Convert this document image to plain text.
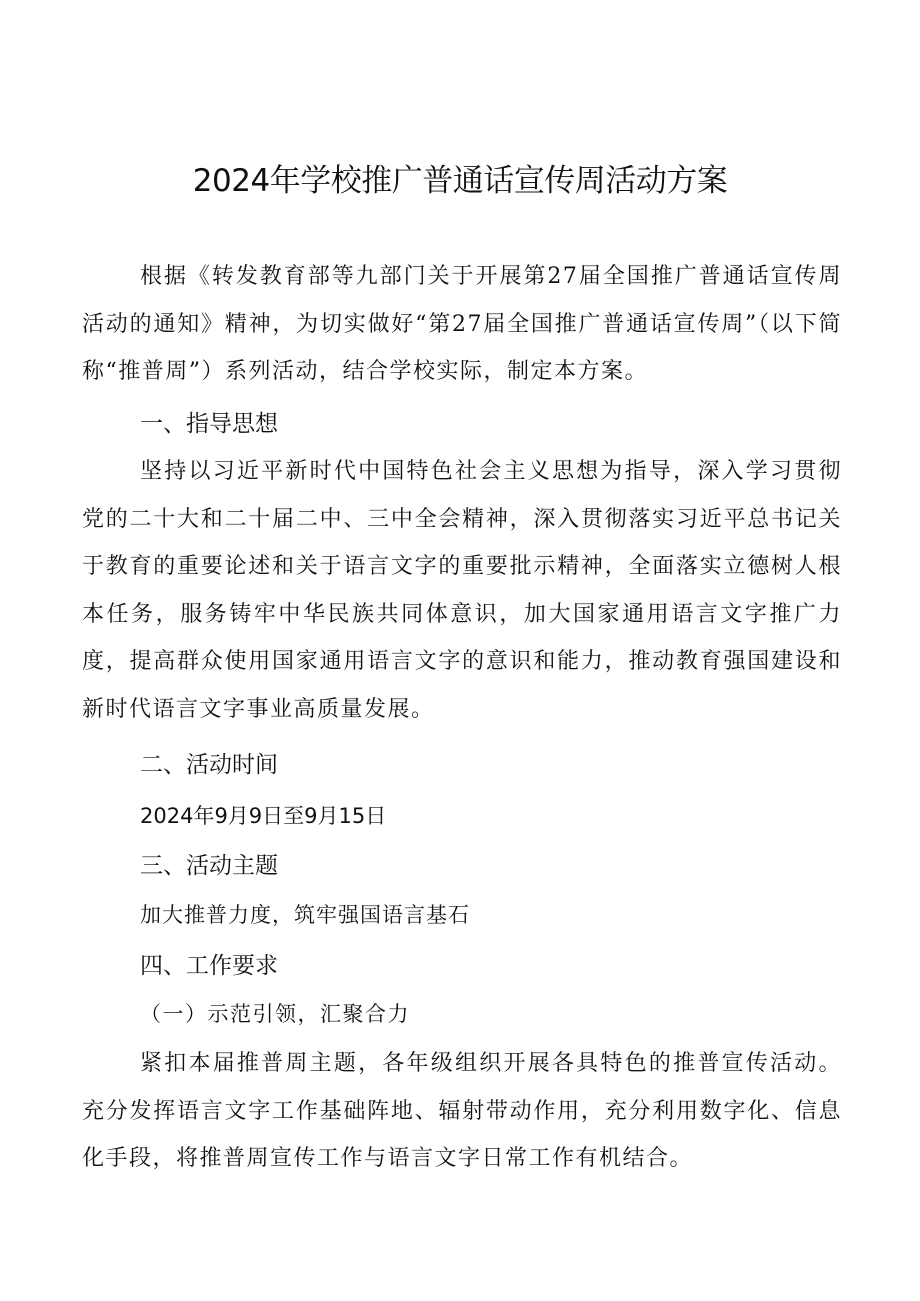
2024年学校推广普通话宣传周活动方案

根据《转发教育部等九部门关于开展第27届全国推广普通话宣传周活动的通知》精神，为切实做好“第27届全国推广普通话宣传周”（以下简称“推普周”）系列活动，结合学校实际，制定本方案。

一、指导思想

坚持以习近平新时代中国特色社会主义思想为指导，深入学习贯彻党的二十大和二十届二中、三中全会精神，深入贯彻落实习近平总书记关于教育的重要论述和关于语言文字的重要批示精神，全面落实立德树人根本任务，服务铸牢中华民族共同体意识，加大国家通用语言文字推广力度，提高群众使用国家通用语言文字的意识和能力，推动教育强国建设和新时代语言文字事业高质量发展。

二、活动时间

2024年9月9日至9月15日

三、活动主题

加大推普力度，筑牢强国语言基石

四、工作要求

（一）示范引领，汇聚合力

紧扣本届推普周主题，各年级组织开展各具特色的推普宣传活动。充分发挥语言文字工作基础阵地、辐射带动作用，充分利用数字化、信息化手段，将推普周宣传工作与语言文字日常工作有机结合。
